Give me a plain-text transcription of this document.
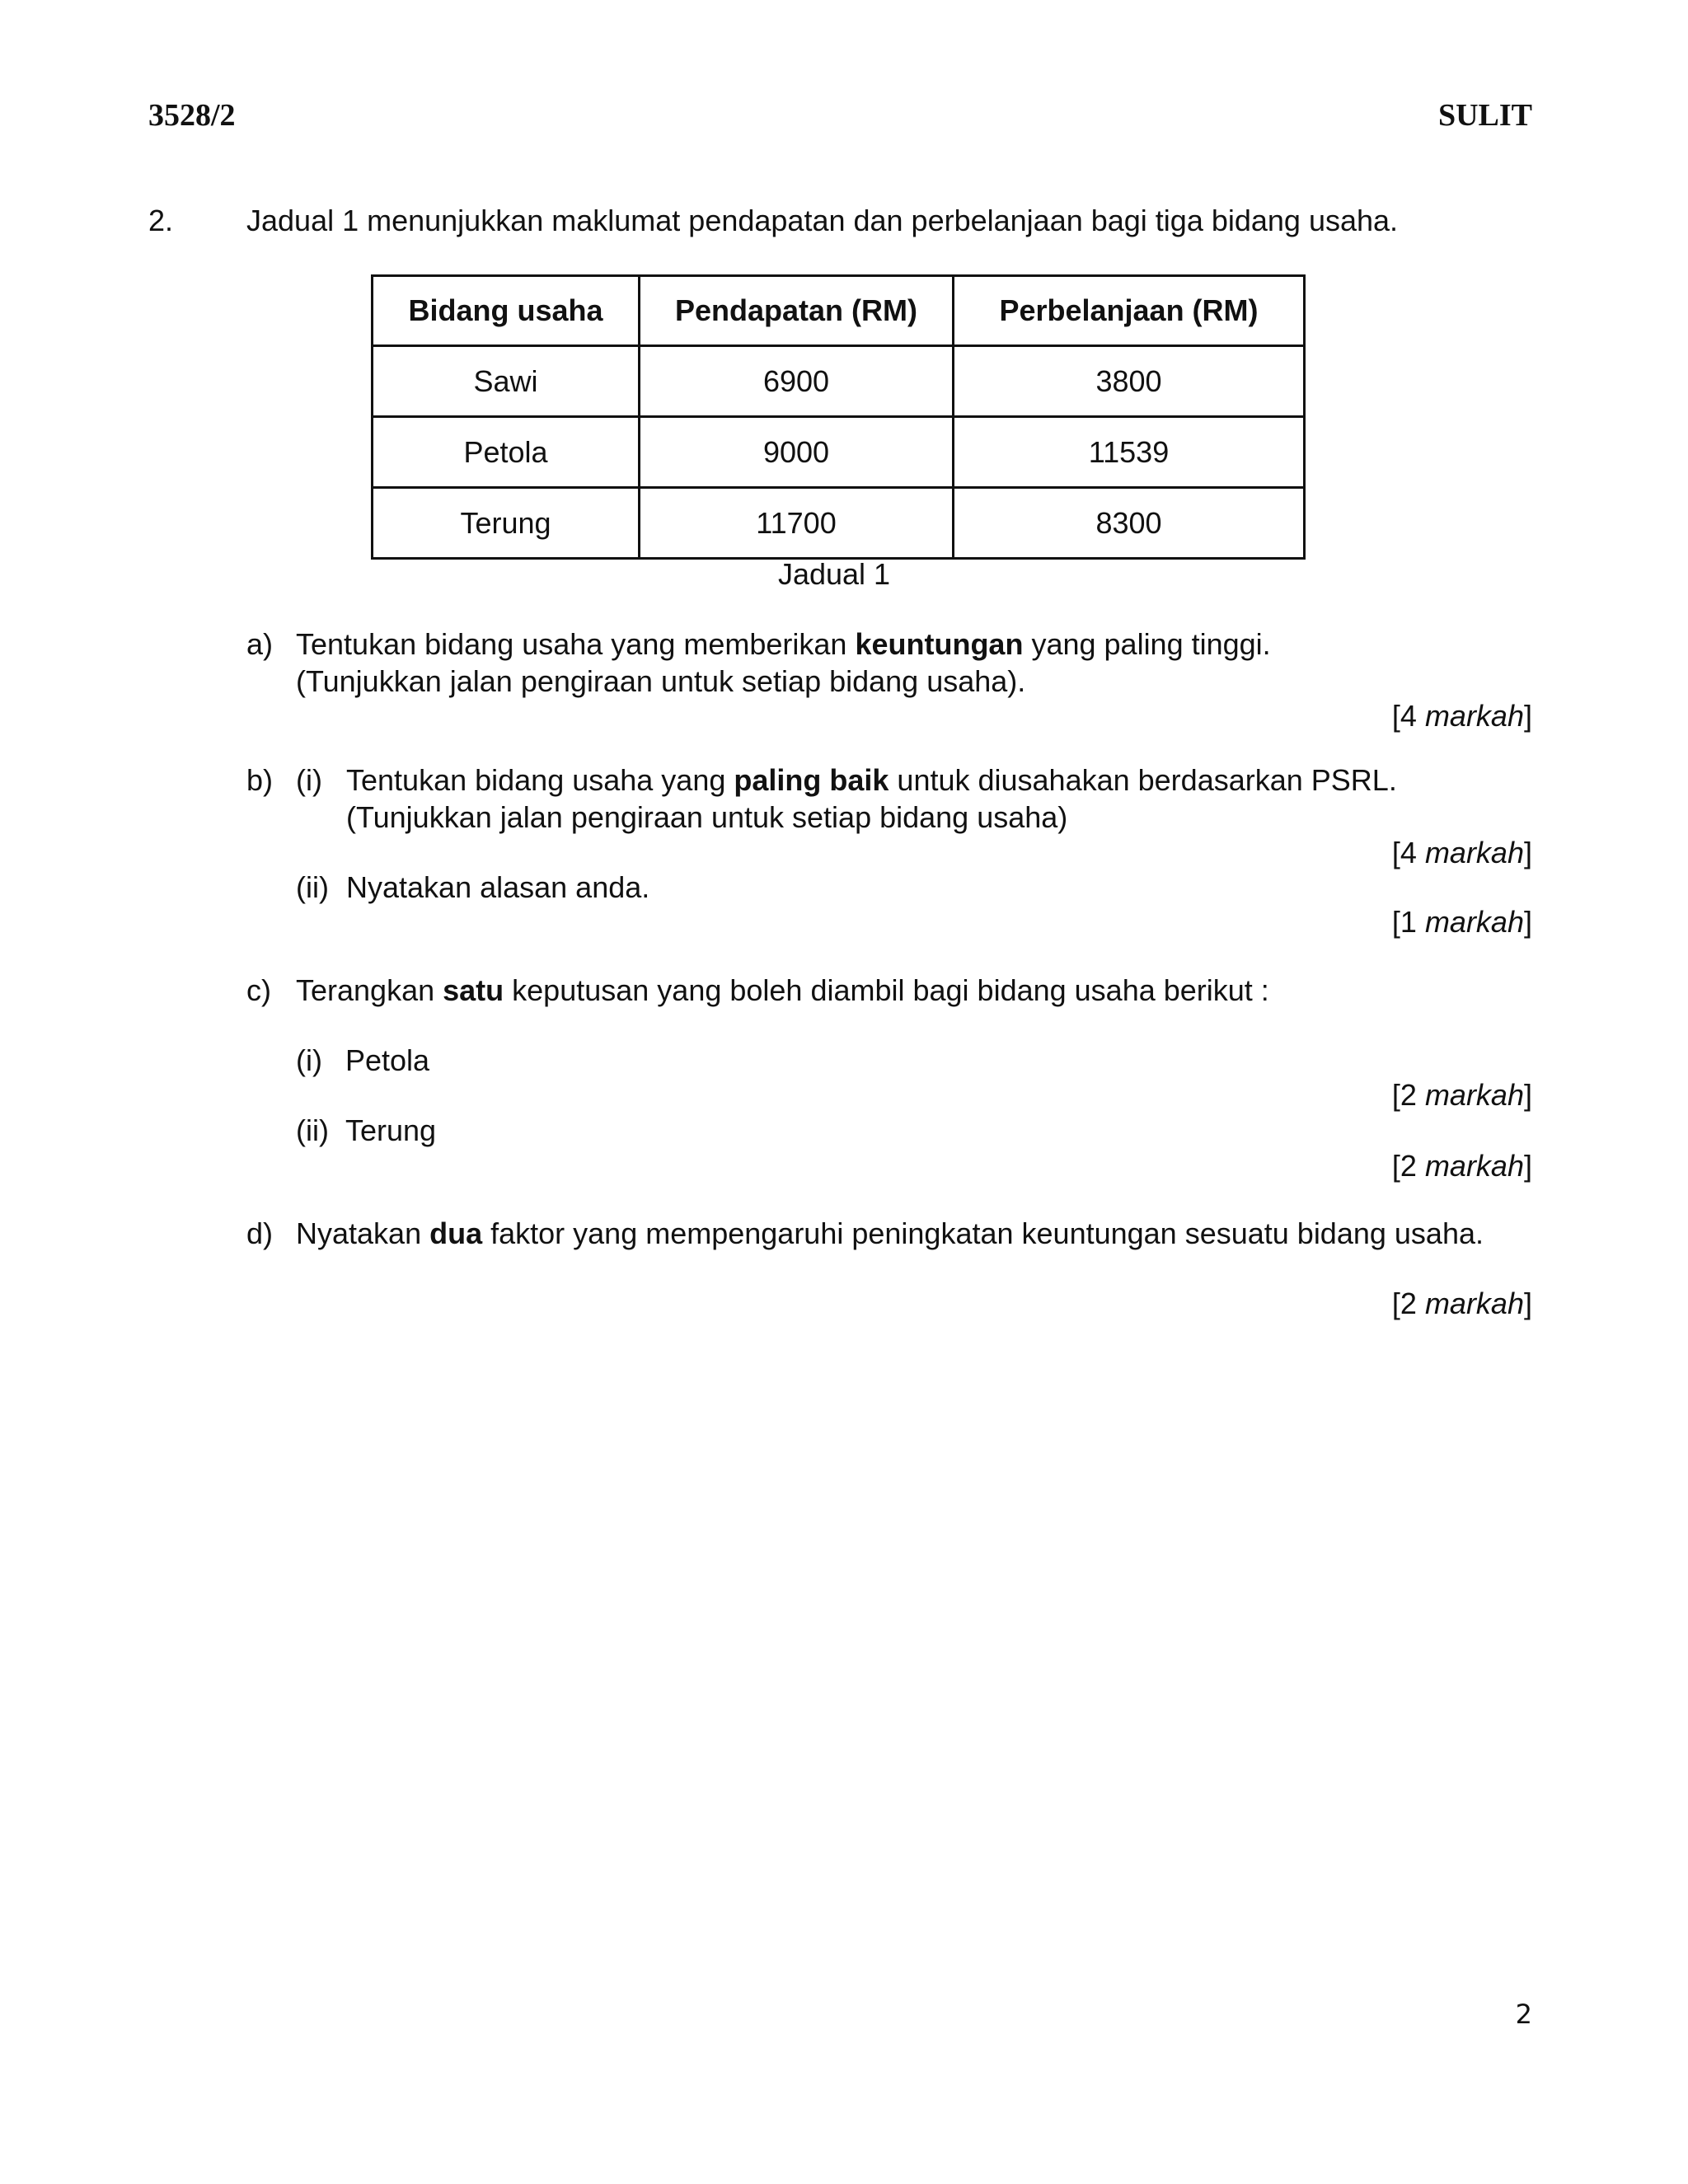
3528/2	SULIT
2. Jadual 1 menunjukkan maklumat pendapatan dan perbelanjaan bagi tiga bidang usaha.
Bidang usaha	Pendapatan (RM)	Perbelanjaan (RM)
Sawi	6900	3800
Petola	9000	11539
Terung	11700	8300
Jadual 1
a) Tentukan bidang usaha yang memberikan keuntungan yang paling tinggi.
(Tunjukkan jalan pengiraan untuk setiap bidang usaha).
[4 markah]
b) (i) Tentukan bidang usaha yang paling baik untuk diusahakan berdasarkan PSRL.
(Tunjukkan jalan pengiraan untuk setiap bidang usaha)
[4 markah]
(ii) Nyatakan alasan anda.
[1 markah]
c) Terangkan satu keputusan yang boleh diambil bagi bidang usaha berikut :
(i) Petola
[2 markah]
(ii) Terung
[2 markah]
d) Nyatakan dua faktor yang mempengaruhi peningkatan keuntungan sesuatu bidang usaha.
[2 markah]
2
